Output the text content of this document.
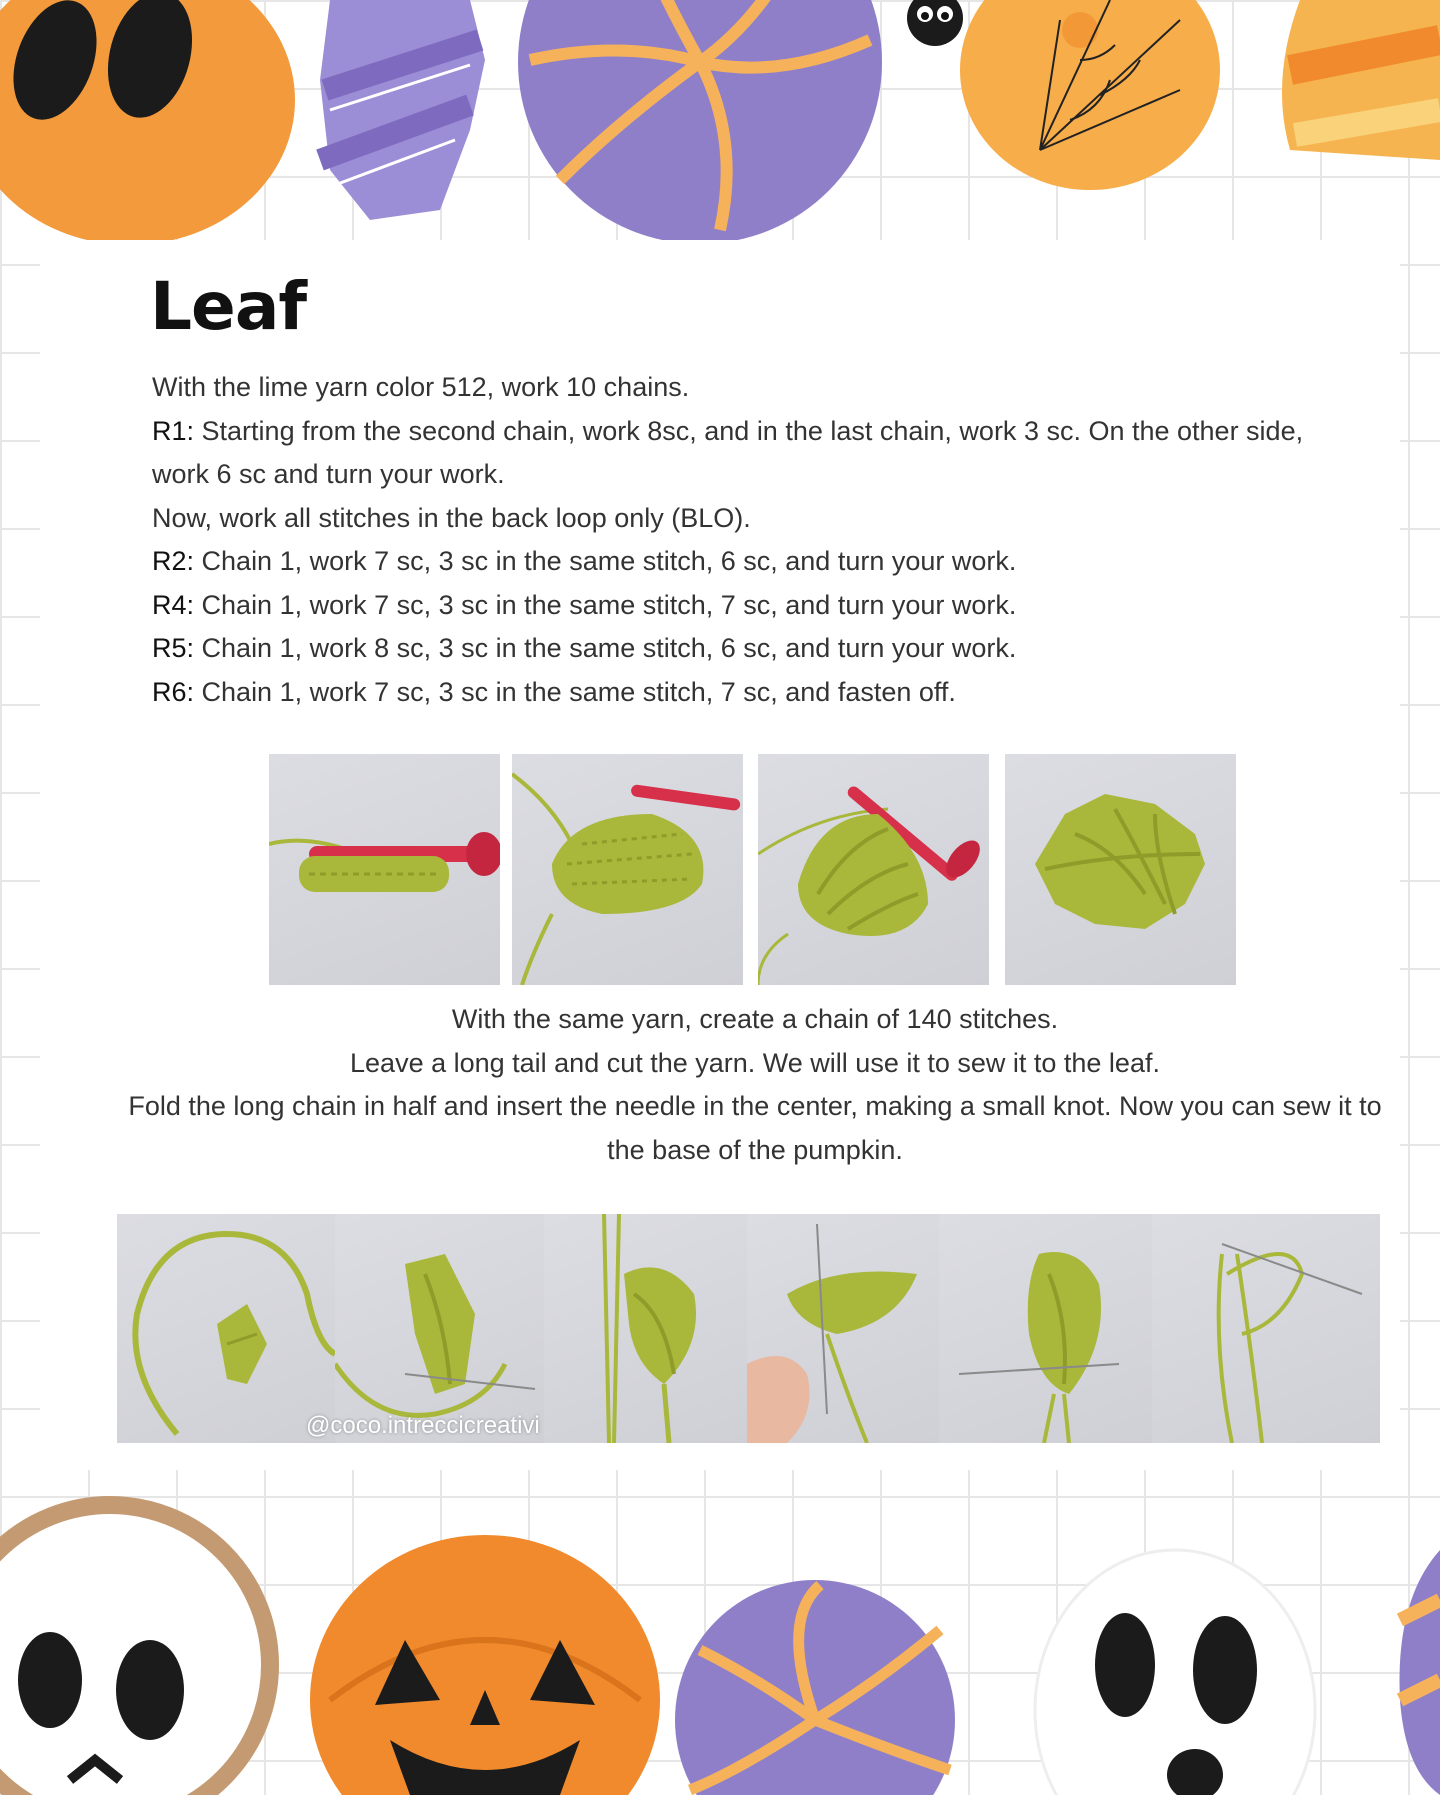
Leaf

With the lime yarn color 512, work 10 chains.

R1: Starting from the second chain, work 8sc, and in the last chain, work 3 sc. On the other side, work 6 sc and turn your work.

Now, work all stitches in the back loop only (BLO).

R2: Chain 1, work 7 sc, 3 sc in the same stitch, 6 sc, and turn your work.

R4: Chain 1, work 7 sc, 3 sc in the same stitch, 7 sc, and turn your work.

R5: Chain 1, work 8 sc, 3 sc in the same stitch, 6 sc, and turn your work.

R6: Chain 1, work 7 sc, 3 sc in the same stitch, 7 sc, and fasten off.

With the same yarn, create a chain of 140 stitches.

Leave a long tail and cut the yarn. We will use it to sew it to the leaf.

Fold the long chain in half and insert the needle in the center, making a small knot. Now you can sew it to the base of the pumpkin.

@coco.intreccicreativi
